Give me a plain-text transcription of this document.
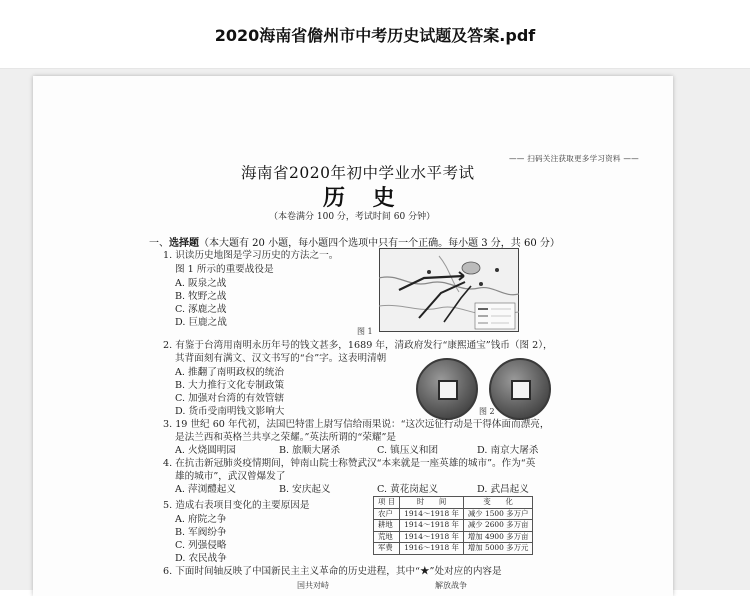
2020海南省儋州市中考历史试题及答案.pdf
—— 扫码关注获取更多学习资料 ——
海南省2020年初中学业水平考试
历 史
（本卷满分 100 分，考试时间 60 分钟）
一、选择题（本大题有 20 小题，每小题四个选项中只有一个正确。每小题 3 分，共 60 分）
1. 识读历史地图是学习历史的方法之一。
图 1 所示的重要战役是
A. 阪泉之战
B. 牧野之战
C. 涿鹿之战
D. 巨鹿之战
图 1
2. 有鉴于台湾用南明永历年号的钱文甚多，1689 年，清政府发行“康熙通宝”钱币（图 2），
其背面刻有满文、汉文书写的“台”字。这表明清朝
A. 推翻了南明政权的统治
B. 大力推行文化专制政策
C. 加强对台湾的有效管辖
D. 货币受南明钱文影响大	图 2
3. 19 世纪 60 年代初，法国巴特雷上尉写信给雨果说：“这次远征行动是干得体面而漂亮，
是法兰西和英格兰共享之荣耀。”英法所谓的“荣耀”是
A. 火烧圆明园	B. 旅顺大屠杀	C. 镇压义和团	D. 南京大屠杀
4. 在抗击新冠肺炎疫情期间，钟南山院士称赞武汉“本来就是一座英雄的城市”。作为“英
雄的城市”，武汉曾爆发了
A. 萍浏醴起义	B. 安庆起义	C. 黄花岗起义	D. 武昌起义
5. 造成右表项目变化的主要原因是
A. 府院之争
B. 军阀纷争
C. 列强侵略
D. 农民战争
项 目	时　　间	变　　化
农户	1914～1918 年	减少 1500 多万户
耕地	1914～1918 年	减少 2600 多万亩
荒地	1914～1918 年	增加 4900 多万亩
军费	1916～1918 年	增加 5000 多万元
6. 下面时间轴反映了中国新民主主义革命的历史进程，其中“★”处对应的内容是
国共对峙	解放战争
